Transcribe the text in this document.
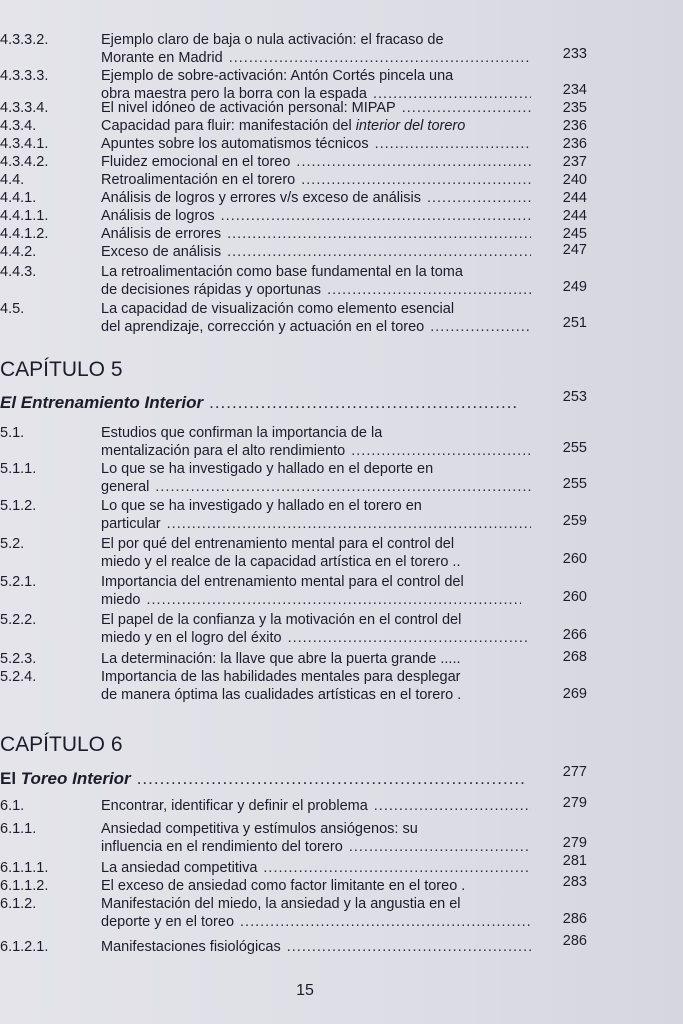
4.3.3.2.	Ejemplo claro de baja o nula activación: el fracaso de
Morante en Madrid .....	233
4.3.3.3.	Ejemplo de sobre-activación: Antón Cortés pincela una
obra maestra pero la borra con la espada .....	234
4.3.3.4.	El nivel idóneo de activación personal: MIPAP .....	235
4.3.4.	Capacidad para fluir: manifestación del interior del torero	236
4.3.4.1.	Apuntes sobre los automatismos técnicos .....	236
4.3.4.2.	Fluidez emocional en el toreo .....	237
4.4.	Retroalimentación en el torero .....	240
4.4.1.	Análisis de logros y errores v/s exceso de análisis .....	244
4.4.1.1.	Análisis de logros .....	244
4.4.1.2.	Análisis de errores .....	245
4.4.2.	Exceso de análisis .....	247
4.4.3.	La retroalimentación como base fundamental en la toma
de decisiones rápidas y oportunas .....	249
4.5.	La capacidad de visualización como elemento esencial
del aprendizaje, corrección y actuación en el toreo .....	251
CAPÍTULO 5
El Entrenamiento Interior .....	253
5.1.	Estudios que confirman la importancia de la
mentalización para el alto rendimiento .....	255
5.1.1.	Lo que se ha investigado y hallado en el deporte en
general .....	255
5.1.2.	Lo que se ha investigado y hallado en el torero en
particular .....	259
5.2.	El por qué del entrenamiento mental para el control del
miedo y el realce de la capacidad artística en el torero ..	260
5.2.1.	Importancia del entrenamiento mental para el control del
miedo .....	260
5.2.2.	El papel de la confianza y la motivación en el control del
miedo y en el logro del éxito .....	266
5.2.3.	La determinación: la llave que abre la puerta grande .....	268
5.2.4.	Importancia de las habilidades mentales para desplegar
de manera óptima las cualidades artísticas en el torero .	269
CAPÍTULO 6
El Toreo Interior .....	277
6.1.	Encontrar, identificar y definir el problema .....	279
6.1.1.	Ansiedad competitiva y estímulos ansiógenos: su
influencia en el rendimiento del torero .....	279
6.1.1.1.	La ansiedad competitiva .....	281
6.1.1.2.	El exceso de ansiedad como factor limitante en el toreo .	283
6.1.2.	Manifestación del miedo, la ansiedad y la angustia en el
deporte y en el toreo .....	286
6.1.2.1.	Manifestaciones fisiológicas .....	286
15
